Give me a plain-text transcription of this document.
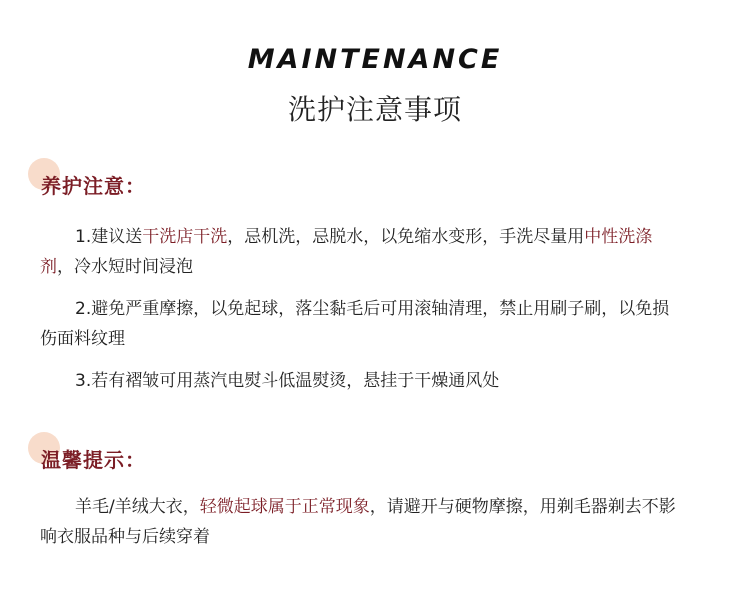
MAINTENANCE
洗护注意事项
养护注意：
1.建议送干洗店干洗，忌机洗，忌脱水，以免缩水变形，手洗尽量用中性洗涤剂，冷水短时间浸泡
2.避免严重摩擦，以免起球，落尘黏毛后可用滚轴清理，禁止用刷子刷，以免损伤面料纹理
3.若有褶皱可用蒸汽电熨斗低温熨烫，悬挂于干燥通风处
温馨提示：
羊毛/羊绒大衣，轻微起球属于正常现象，请避开与硬物摩擦，用剃毛器剃去不影响衣服品种与后续穿着
